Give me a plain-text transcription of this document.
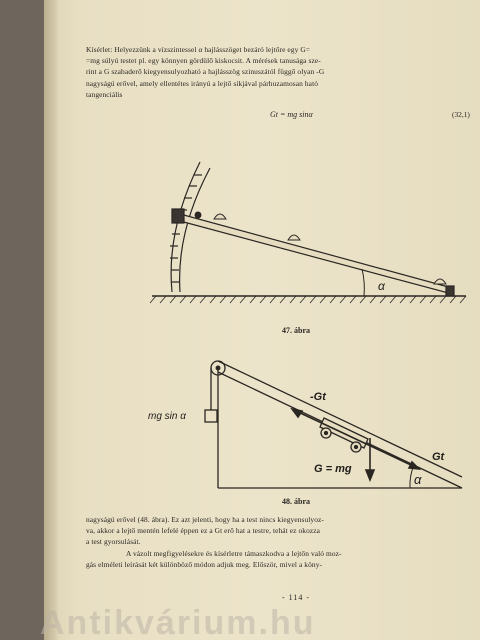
Kísérlet: Helyezzünk a vízszintessel α hajlásszöget bezáró lejtőre egy G=
=mg súlyú testet pl. egy könnyen gördülő kiskocsit. A mérések tanusága sze-
rint a G szabaderő kiegyensulyozható a hajlásszög szinuszától függő olyan -G
nagyságú erővel, amely ellentétes irányú a lejtő síkjával párhuzamosan ható
tangenciális
Gt = mg sinα	(32,1)
α
α
mg sin α
-Gt
Gt
G = mg
47. ábra
48. ábra
nagyságú erővel (48. ábra). Ez azt jelenti, hogy ha a test nincs kiegyensulyoz-
va, akkor a lejtő mentén lefelé éppen ez a Gt erő hat a testre, tehát ez okozza
a test gyorsulását.
A vázolt megfigyelésekre és kísérletre támaszkodva a lejtőn való moz-
gás elméleti leírását két különböző módon adjuk meg. Először, mivel a köny-
- 114 -
Antikvárium.hu
